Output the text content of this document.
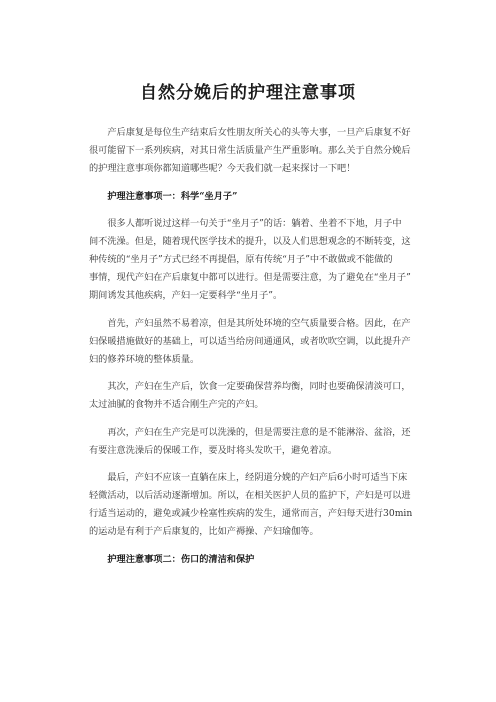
自然分娩后的护理注意事项
　　产后康复是每位生产结束后女性朋友所关心的头等大事，一旦产后康复不好
很可能留下一系列疾病，对其日常生活质量产生严重影响。那么关于自然分娩后
的护理注意事项你都知道哪些呢？今天我们就一起来探讨一下吧！
　　护理注意事项一：科学“坐月子”
　　很多人都听说过这样一句关于“坐月子”的话：躺着、坐着不下地，月子中
间不洗澡。但是，随着现代医学技术的提升，以及人们思想观念的不断转变，这
种传统的“坐月子”方式已经不再提倡，原有传统“月子”中不敢做或不能做的
事情，现代产妇在产后康复中都可以进行。但是需要注意，为了避免在“坐月子”
期间诱发其他疾病，产妇一定要科学“坐月子”。
　　首先，产妇虽然不易着凉，但是其所处环境的空气质量要合格。因此，在产
妇保暖措施做好的基础上，可以适当给房间通通风，或者吹吹空调，以此提升产
妇的修养环境的整体质量。
　　其次，产妇在生产后，饮食一定要确保营养均衡，同时也要确保清淡可口，
太过油腻的食物并不适合刚生产完的产妇。
　　再次，产妇在生产完是可以洗澡的，但是需要注意的是不能淋浴、盆浴，还
有要注意洗澡后的保暖工作，要及时将头发吹干，避免着凉。
　　最后，产妇不应该一直躺在床上，经阴道分娩的产妇产后6小时可适当下床
轻微活动，以后活动逐渐增加。所以，在相关医护人员的监护下，产妇是可以进
行适当运动的，避免或减少栓塞性疾病的发生，通常而言，产妇每天进行30min
的运动是有利于产后康复的，比如产褥操、产妇瑜伽等。
　　护理注意事项二：伤口的清洁和保护
